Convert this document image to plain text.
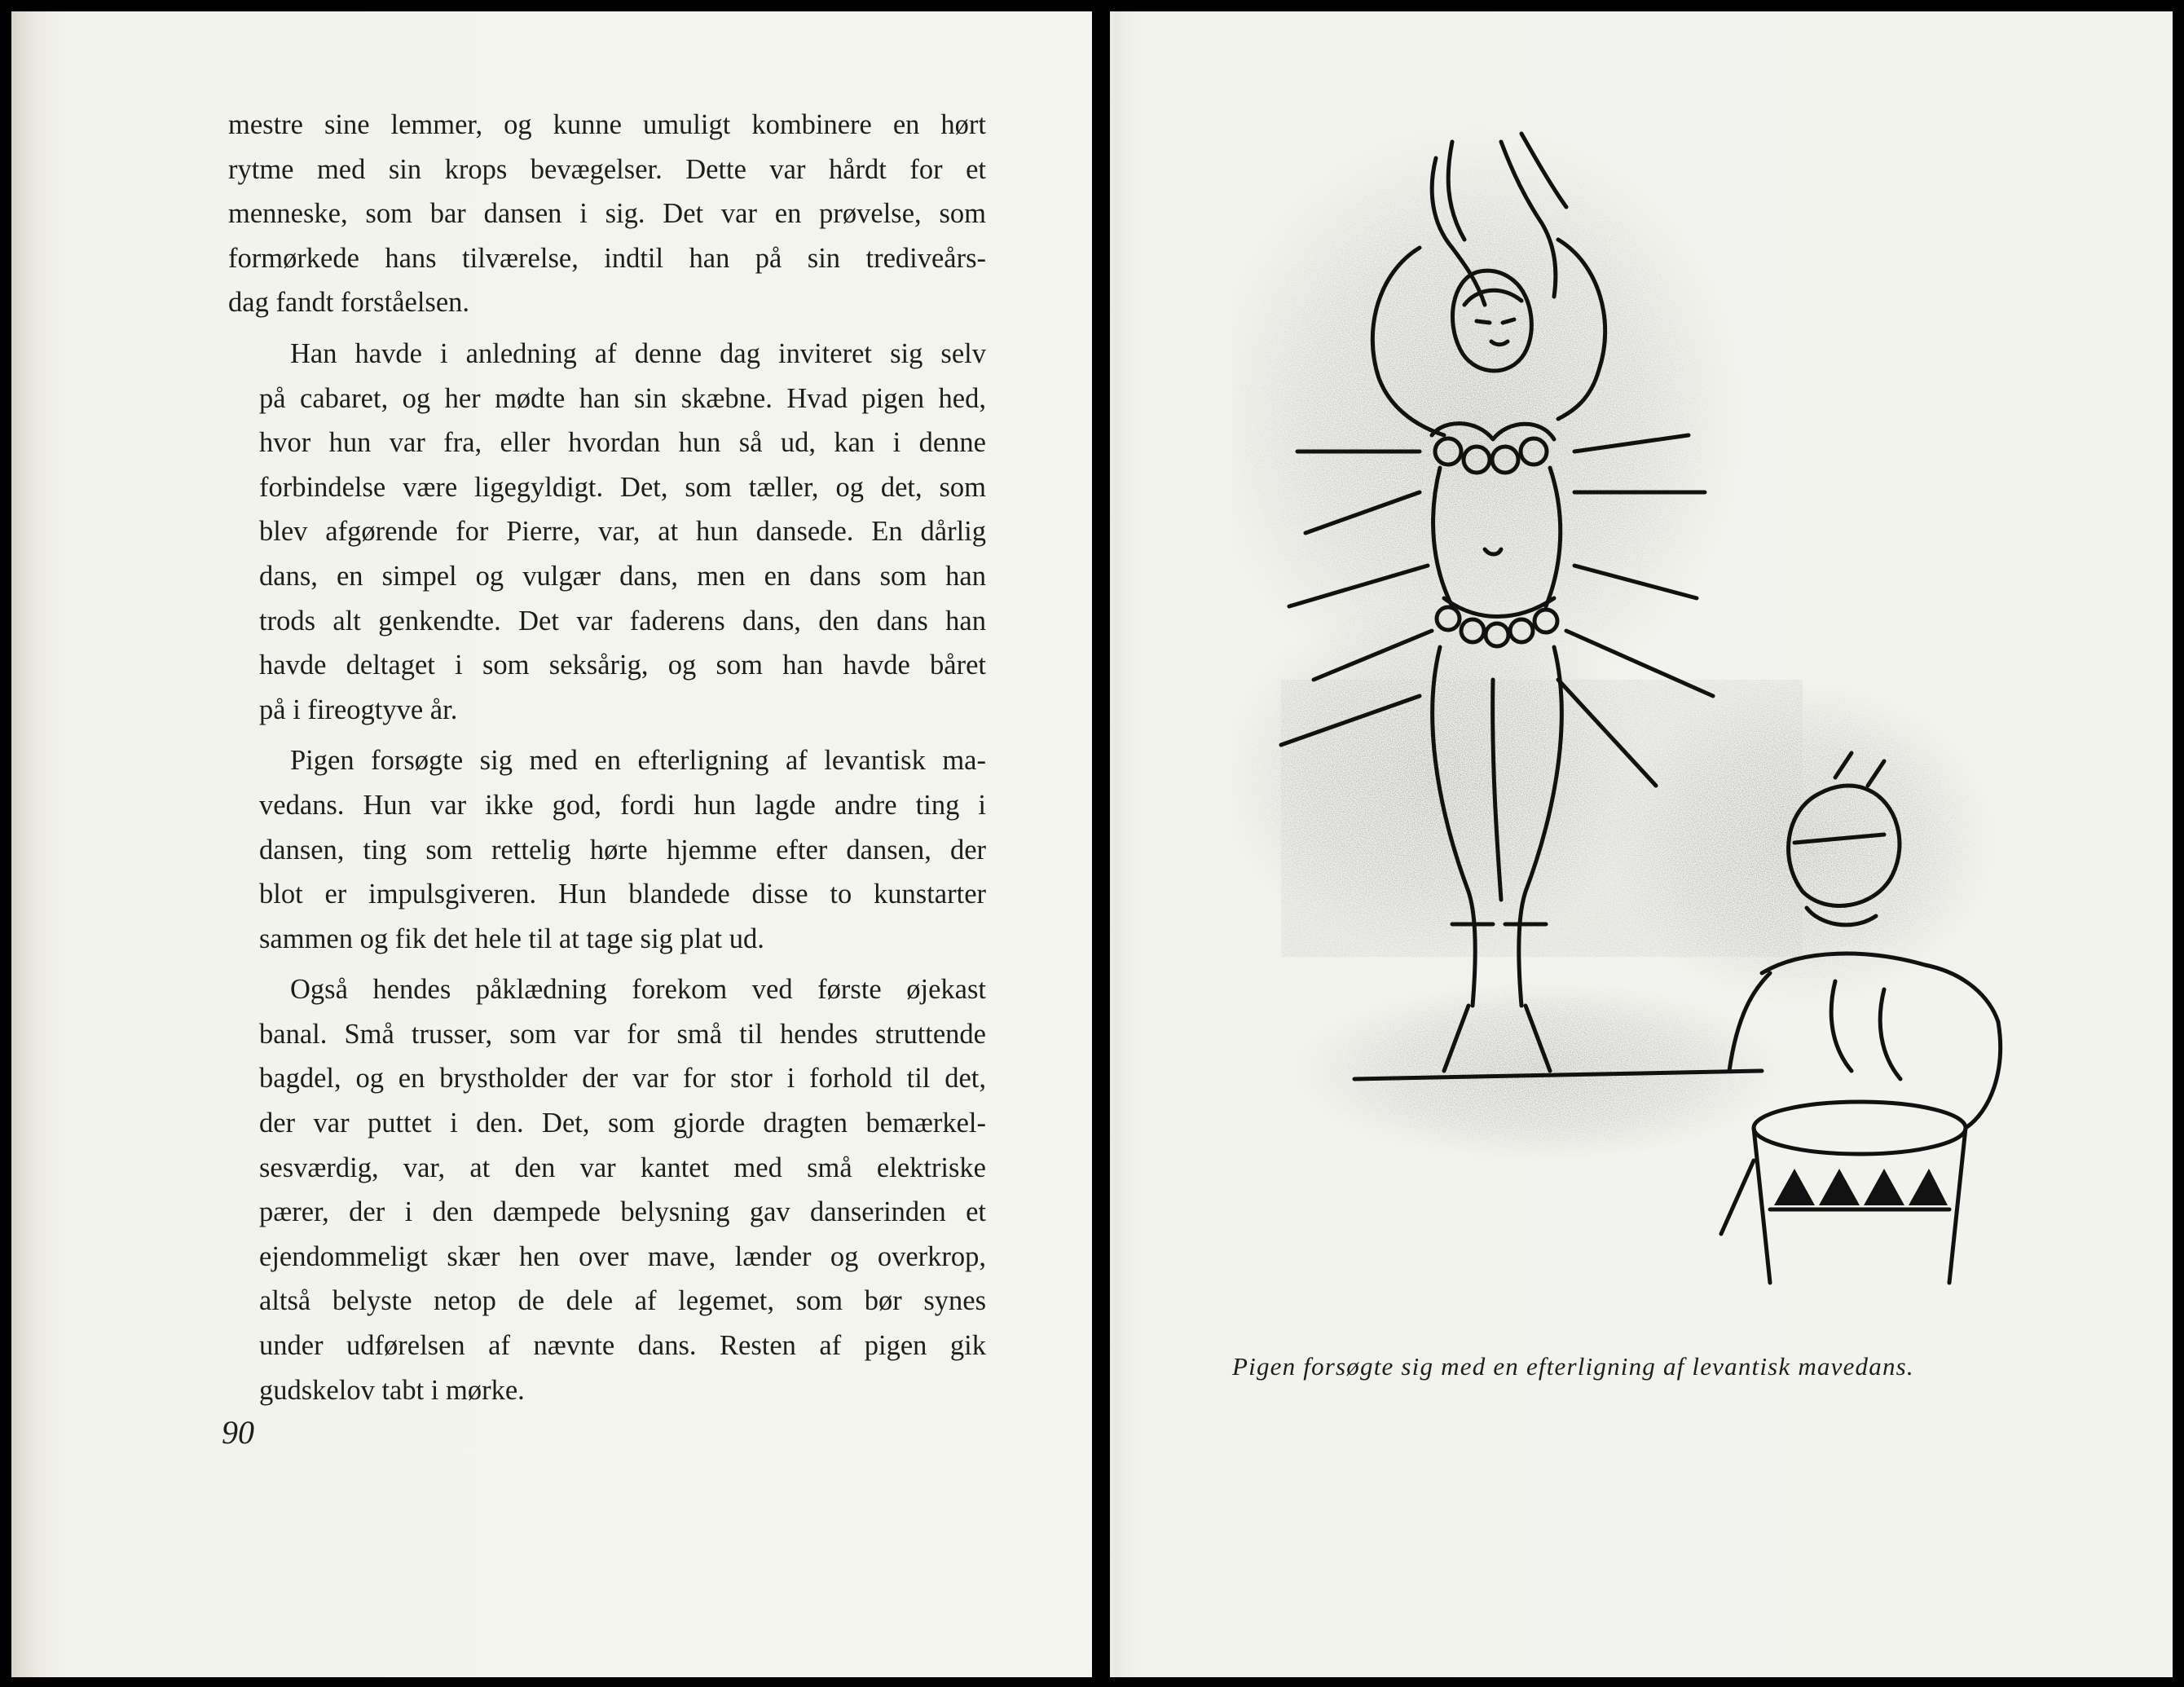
mestre sine lemmer, og kunne umuligt kombinere en hørt
rytme med sin krops bevægelser. Dette var hårdt for et
menneske, som bar dansen i sig. Det var en prøvelse, som
formørkede hans tilværelse, indtil han på sin trediveårs-
dag fandt forståelsen.
Han havde i anledning af denne dag inviteret sig selv
på cabaret, og her mødte han sin skæbne. Hvad pigen hed,
hvor hun var fra, eller hvordan hun så ud, kan i denne
forbindelse være ligegyldigt. Det, som tæller, og det, som
blev afgørende for Pierre, var, at hun dansede. En dårlig
dans, en simpel og vulgær dans, men en dans som han
trods alt genkendte. Det var faderens dans, den dans han
havde deltaget i som seksårig, og som han havde båret
på i fireogtyve år.
Pigen forsøgte sig med en efterligning af levantisk ma-
vedans. Hun var ikke god, fordi hun lagde andre ting i
dansen, ting som rettelig hørte hjemme efter dansen, der
blot er impulsgiveren. Hun blandede disse to kunstarter
sammen og fik det hele til at tage sig plat ud.
Også hendes påklædning forekom ved første øjekast
banal. Små trusser, som var for små til hendes struttende
bagdel, og en brystholder der var for stor i forhold til det,
der var puttet i den. Det, som gjorde dragten bemærkel-
sesværdig, var, at den var kantet med små elektriske
pærer, der i den dæmpede belysning gav danserinden et
ejendommeligt skær hen over mave, lænder og overkrop,
altså belyste netop de dele af legemet, som bør synes
under udførelsen af nævnte dans. Resten af pigen gik
gudskelov tabt i mørke.
90
Pigen forsøgte sig med en efterligning af levantisk mavedans.
